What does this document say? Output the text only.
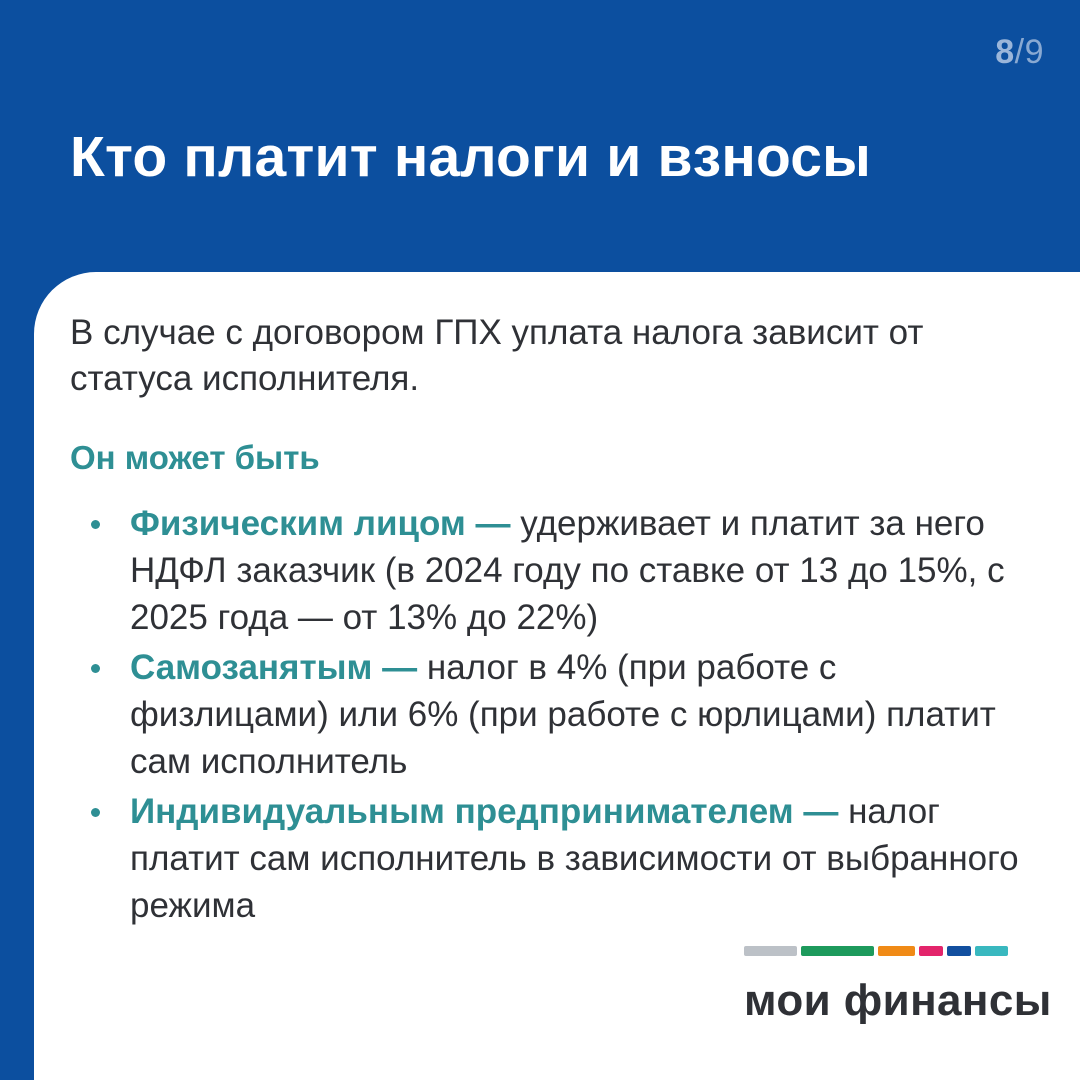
8/9
Кто платит налоги и взносы

В случае с договором ГПХ уплата налога зависит от статуса исполнителя.

Он может быть
Физическим лицом — удерживает и платит за него НДФЛ заказчик (в 2024 году по ставке от 13 до 15%, с 2025 года — от 13% до 22%)
Самозанятым — налог в 4% (при работе с физлицами) или 6% (при работе с юрлицами) платит сам исполнитель
Индивидуальным предпринимателем — налог платит сам исполнитель в зависимости от выбранного режима
мои финансы
